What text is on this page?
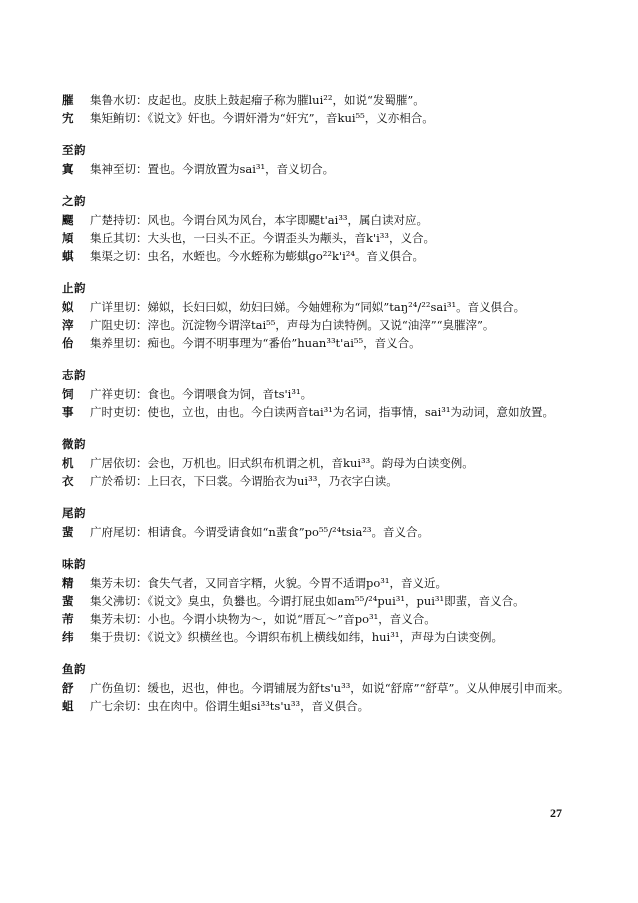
膗	集鲁水切：皮起也。皮肤上鼓起瘤子称为膗lui²²，如说“发蜀膗”。
宄	集矩鲔切：《说文》奸也。今谓奸滑为“奸宄”，音kui⁵⁵，义亦相合。
至韵
寘	集神至切：置也。今谓放置为sai³¹，音义切合。
之韵
颸	广楚持切：风也。今谓台风为风台，本字即颸t'ai³³，属白读对应。
頄	集丘其切：大头也，一曰头不正。今谓歪头为颟头，音k'i³³，义合。
蜞	集渠之切：虫名，水蛭也。今水蛭称为蟛蜞go²²k'i²⁴。音义俱合。
止韵
姒	广详里切：娣姒，长妇曰姒，幼妇曰娣。今妯娌称为“同姒”taŋ²⁴/²²sai³¹。音义俱合。
滓	广阻史切：滓也。沉淀物今谓滓tai⁵⁵，声母为白读特例。又说“油滓”“臭膗滓”。
佁	集养里切：痴也。今谓不明事理为“番佁”huan³³t'ai⁵⁵，音义合。
志韵
饲	广祥吏切：食也。今谓喂食为饲，音ts'i³¹。
事	广时吏切：使也，立也，由也。今白读两音tai³¹为名词，指事情，sai³¹为动词，意如放置。
微韵
机	广居依切：会也，万机也。旧式织布机谓之机，音kui³³。韵母为白读变例。
衣	广於希切：上曰衣，下曰裳。今谓胎衣为ui³³，乃衣字白读。
尾韵
蜚	广府尾切：相请食。今谓受请食如“n蜚食”po⁵⁵/²⁴tsia²³。音义合。
味韵
精	集芳未切：食失气者，又同音字糈，火貌。今胃不适谓po³¹，音义近。
蜚	集父沸切：《说文》臭虫，负蠜也。今谓打屁虫如am⁵⁵/²⁴pui³¹，pui³¹即蜚，音义合。
芾	集芳未切：小也。今谓小块物为～，如说“厝瓦～”音po³¹，音义合。
纬	集于贵切：《说文》织横丝也。今谓织布机上横线如纬，hui³¹，声母为白读变例。
鱼韵
舒	广伤鱼切：缓也，迟也，伸也。今谓铺展为舒ts'u³³，如说“舒席”“舒草”。义从伸展引申而来。
蛆	广七余切：虫在肉中。俗谓生蛆si³³ts'u³³，音义俱合。
27
